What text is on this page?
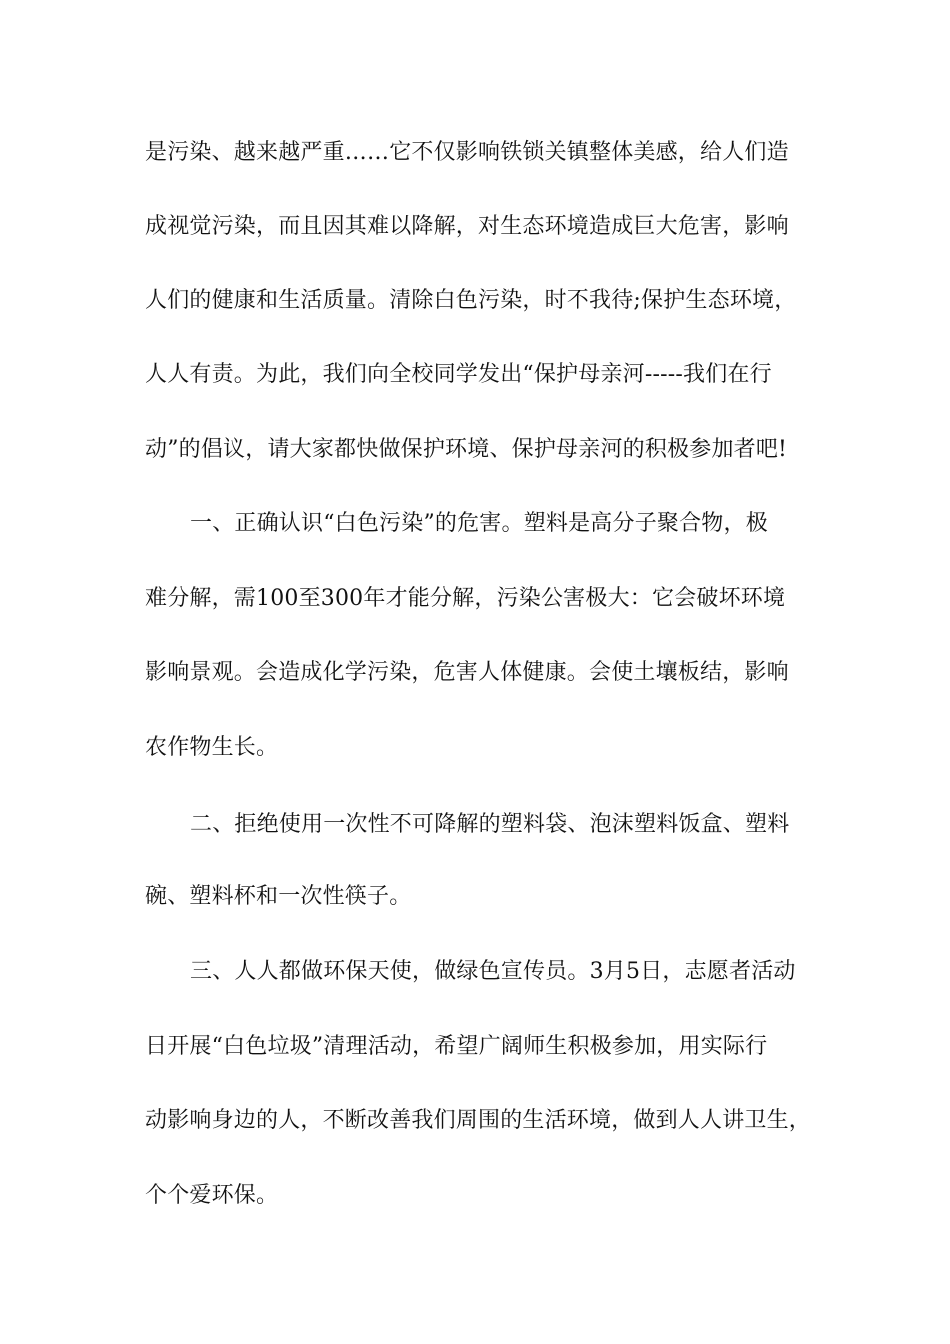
是污染、越来越严重……它不仅影响铁锁关镇整体美感，给人们造
成视觉污染，而且因其难以降解，对生态环境造成巨大危害，影响
人们的健康和生活质量。清除白色污染，时不我待;保护生态环境，
人人有责。为此，我们向全校同学发出“保护母亲河-----我们在行
动”的倡议，请大家都快做保护环境、保护母亲河的积极参加者吧!
一、正确认识“白色污染”的危害。塑料是高分子聚合物，极
难分解，需100至300年才能分解，污染公害极大：它会破坏环境
影响景观。会造成化学污染，危害人体健康。会使土壤板结，影响
农作物生长。
二、拒绝使用一次性不可降解的塑料袋、泡沫塑料饭盒、塑料
碗、塑料杯和一次性筷子。
三、人人都做环保天使，做绿色宣传员。3月5日，志愿者活动
日开展“白色垃圾”清理活动，希望广阔师生积极参加，用实际行
动影响身边的人，不断改善我们周围的生活环境，做到人人讲卫生，
个个爱环保。
